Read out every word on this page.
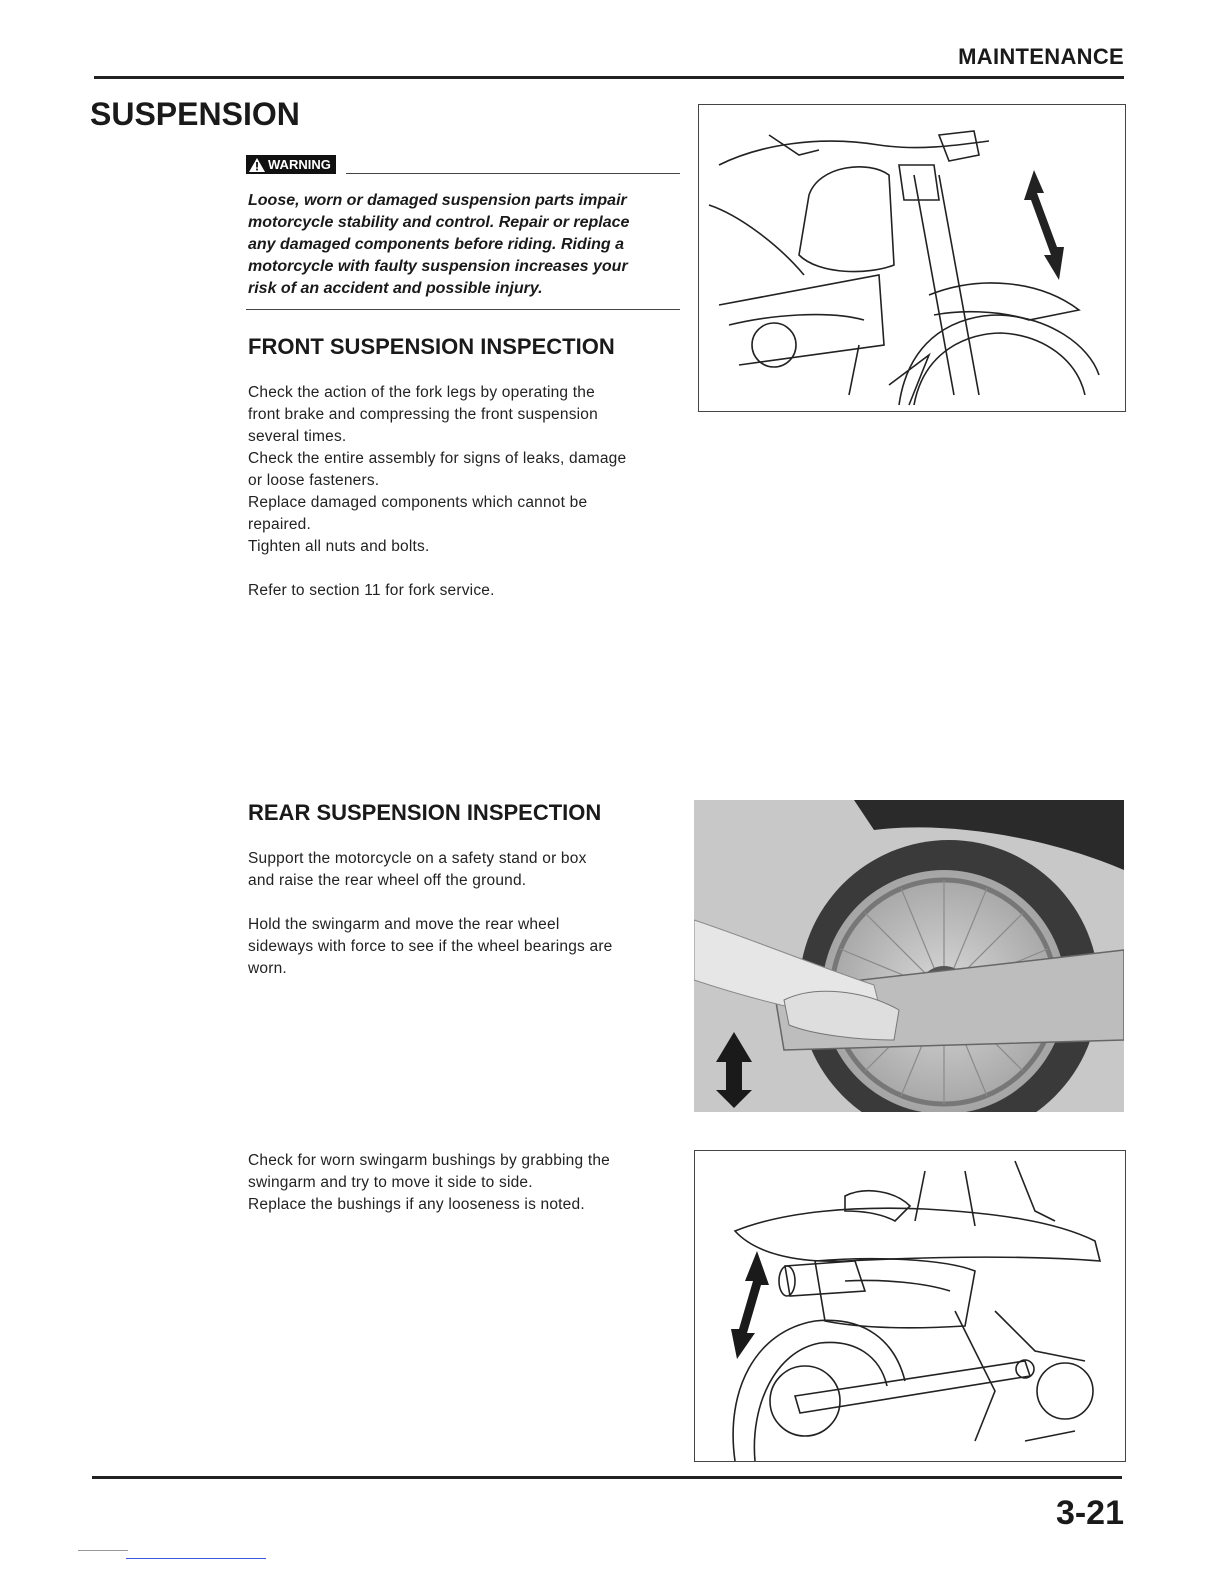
MAINTENANCE
SUSPENSION
WARNING
Loose, worn or damaged suspension parts impair
motorcycle stability and control. Repair or replace
any damaged components before riding. Riding a
motorcycle with faulty suspension increases your
risk of an accident and possible injury.
FRONT SUSPENSION INSPECTION

Check the action of the fork legs by operating the

front brake and compressing the front suspension

several times.

Check the entire assembly for signs of leaks, damage

or loose fasteners.

Replace damaged components which cannot be

repaired.

Tighten all nuts and bolts.

Refer to section 11 for fork service.
REAR SUSPENSION INSPECTION

Support the motorcycle on a safety stand or box

and raise the rear wheel off the ground.

Hold the swingarm and move the rear wheel

sideways with force to see if the wheel bearings are

worn.

Check for worn swingarm bushings by grabbing the

swingarm and try to move it side to side.

Replace the bushings if any looseness is noted.

3-21
